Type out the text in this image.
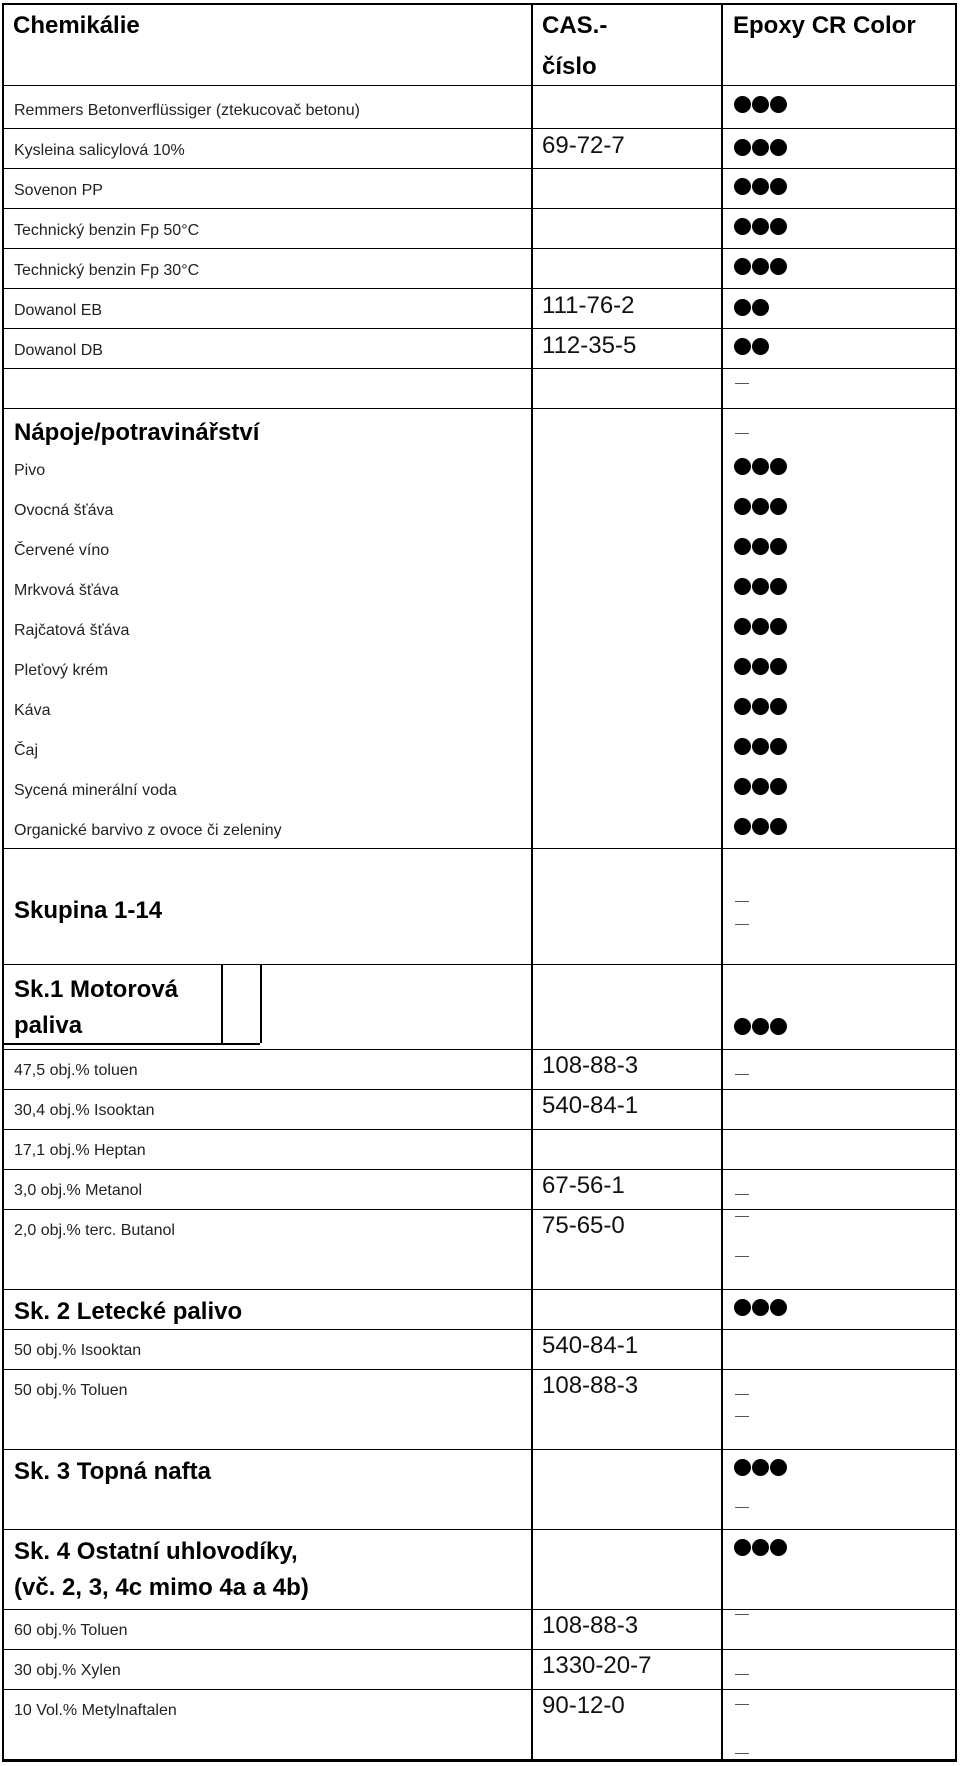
Chemikálie	CAS.-
číslo
Epoxy CR Color
Remmers Betonverflüssiger (ztekucovač betonu)
Kysleina salicylová 10%	69-72-7
Sovenon PP
Technický benzin Fp 50°C
Technický benzin Fp 30°C
Dowanol EB	111-76-2
Dowanol DB	112-35-5
Nápoje/potravinářství
Pivo
Ovocná šťáva
Červené víno
Mrkvová šťáva
Rajčatová šťáva
Pleťový krém
Káva
Čaj
Sycená minerální voda
Organické barvivo z ovoce či zeleniny
Skupina 1-14
Sk.1 Motorová
paliva
47,5 obj.% toluen	108-88-3
30,4 obj.% Isooktan	540-84-1
17,1 obj.% Heptan
3,0 obj.% Metanol	67-56-1
2,0 obj.% terc. Butanol	75-65-0
Sk. 2 Letecké palivo
50 obj.% Isooktan	540-84-1
50 obj.% Toluen	108-88-3
Sk. 3 Topná nafta
Sk. 4 Ostatní uhlovodíky,
(vč. 2, 3, 4c mimo 4a a 4b)
60 obj.% Toluen	108-88-3
30 obj.% Xylen	1330-20-7
10 Vol.% Metylnaftalen	90-12-0
